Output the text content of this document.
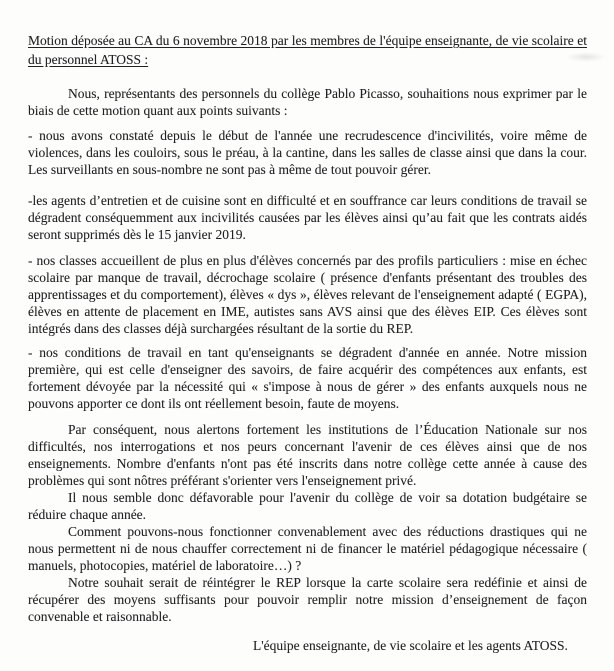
Motion déposée au CA du 6 novembre 2018 par les membres de l'équipe enseignante, de vie scolaire et du personnel ATOSS :

Nous, représentants des personnels du collège Pablo Picasso, souhaitions nous exprimer par le biais de cette motion quant aux points suivants :

- nous avons constaté depuis le début de l'année une recrudescence d'incivilités, voire même de violences, dans les couloirs, sous le préau, à la cantine, dans les salles de classe ainsi que dans la cour. Les surveillants en sous-nombre ne sont pas à même de tout pouvoir gérer.

-les agents d’entretien et de cuisine sont en difficulté et en souffrance car leurs conditions de travail se dégradent conséquemment aux incivilités causées par les élèves ainsi qu’au fait que les contrats aidés seront supprimés dès le 15 janvier 2019.

- nos classes accueillent de plus en plus d'élèves concernés par des profils particuliers : mise en échec scolaire par manque de travail, décrochage scolaire ( présence d'enfants présentant des troubles des apprentissages et du comportement), élèves « dys », élèves relevant de l'enseignement adapté ( EGPA), élèves en attente de placement en IME, autistes sans AVS ainsi que des élèves EIP. Ces élèves sont intégrés dans des classes déjà surchargées résultant de la sortie du REP.

- nos conditions de travail en tant qu'enseignants se dégradent d'année en année. Notre mission première, qui est celle d'enseigner des savoirs, de faire acquérir des compétences aux enfants, est fortement dévoyée par la nécessité qui « s'impose à nous de gérer » des enfants auxquels nous ne pouvons apporter ce dont ils ont réellement besoin, faute de moyens.

Par conséquent, nous alertons fortement les institutions de l’Éducation Nationale sur nos difficultés, nos interrogations et nos peurs concernant l'avenir de ces élèves ainsi que de nos enseignements. Nombre d'enfants n'ont pas été inscrits dans notre collège cette année à cause des problèmes qui sont nôtres préférant s'orienter vers l'enseignement privé.

Il nous semble donc défavorable pour l'avenir du collège de voir sa dotation budgétaire se réduire chaque année.

Comment pouvons-nous fonctionner convenablement avec des réductions drastiques qui ne nous permettent ni de nous chauffer correctement ni de financer le matériel pédagogique nécessaire ( manuels, photocopies, matériel de laboratoire…) ?

Notre souhait serait de réintégrer le REP lorsque la carte scolaire sera redéfinie et ainsi de récupérer des moyens suffisants pour pouvoir remplir notre mission d’enseignement de façon convenable et raisonnable.

L'équipe enseignante, de vie scolaire et les agents ATOSS.
